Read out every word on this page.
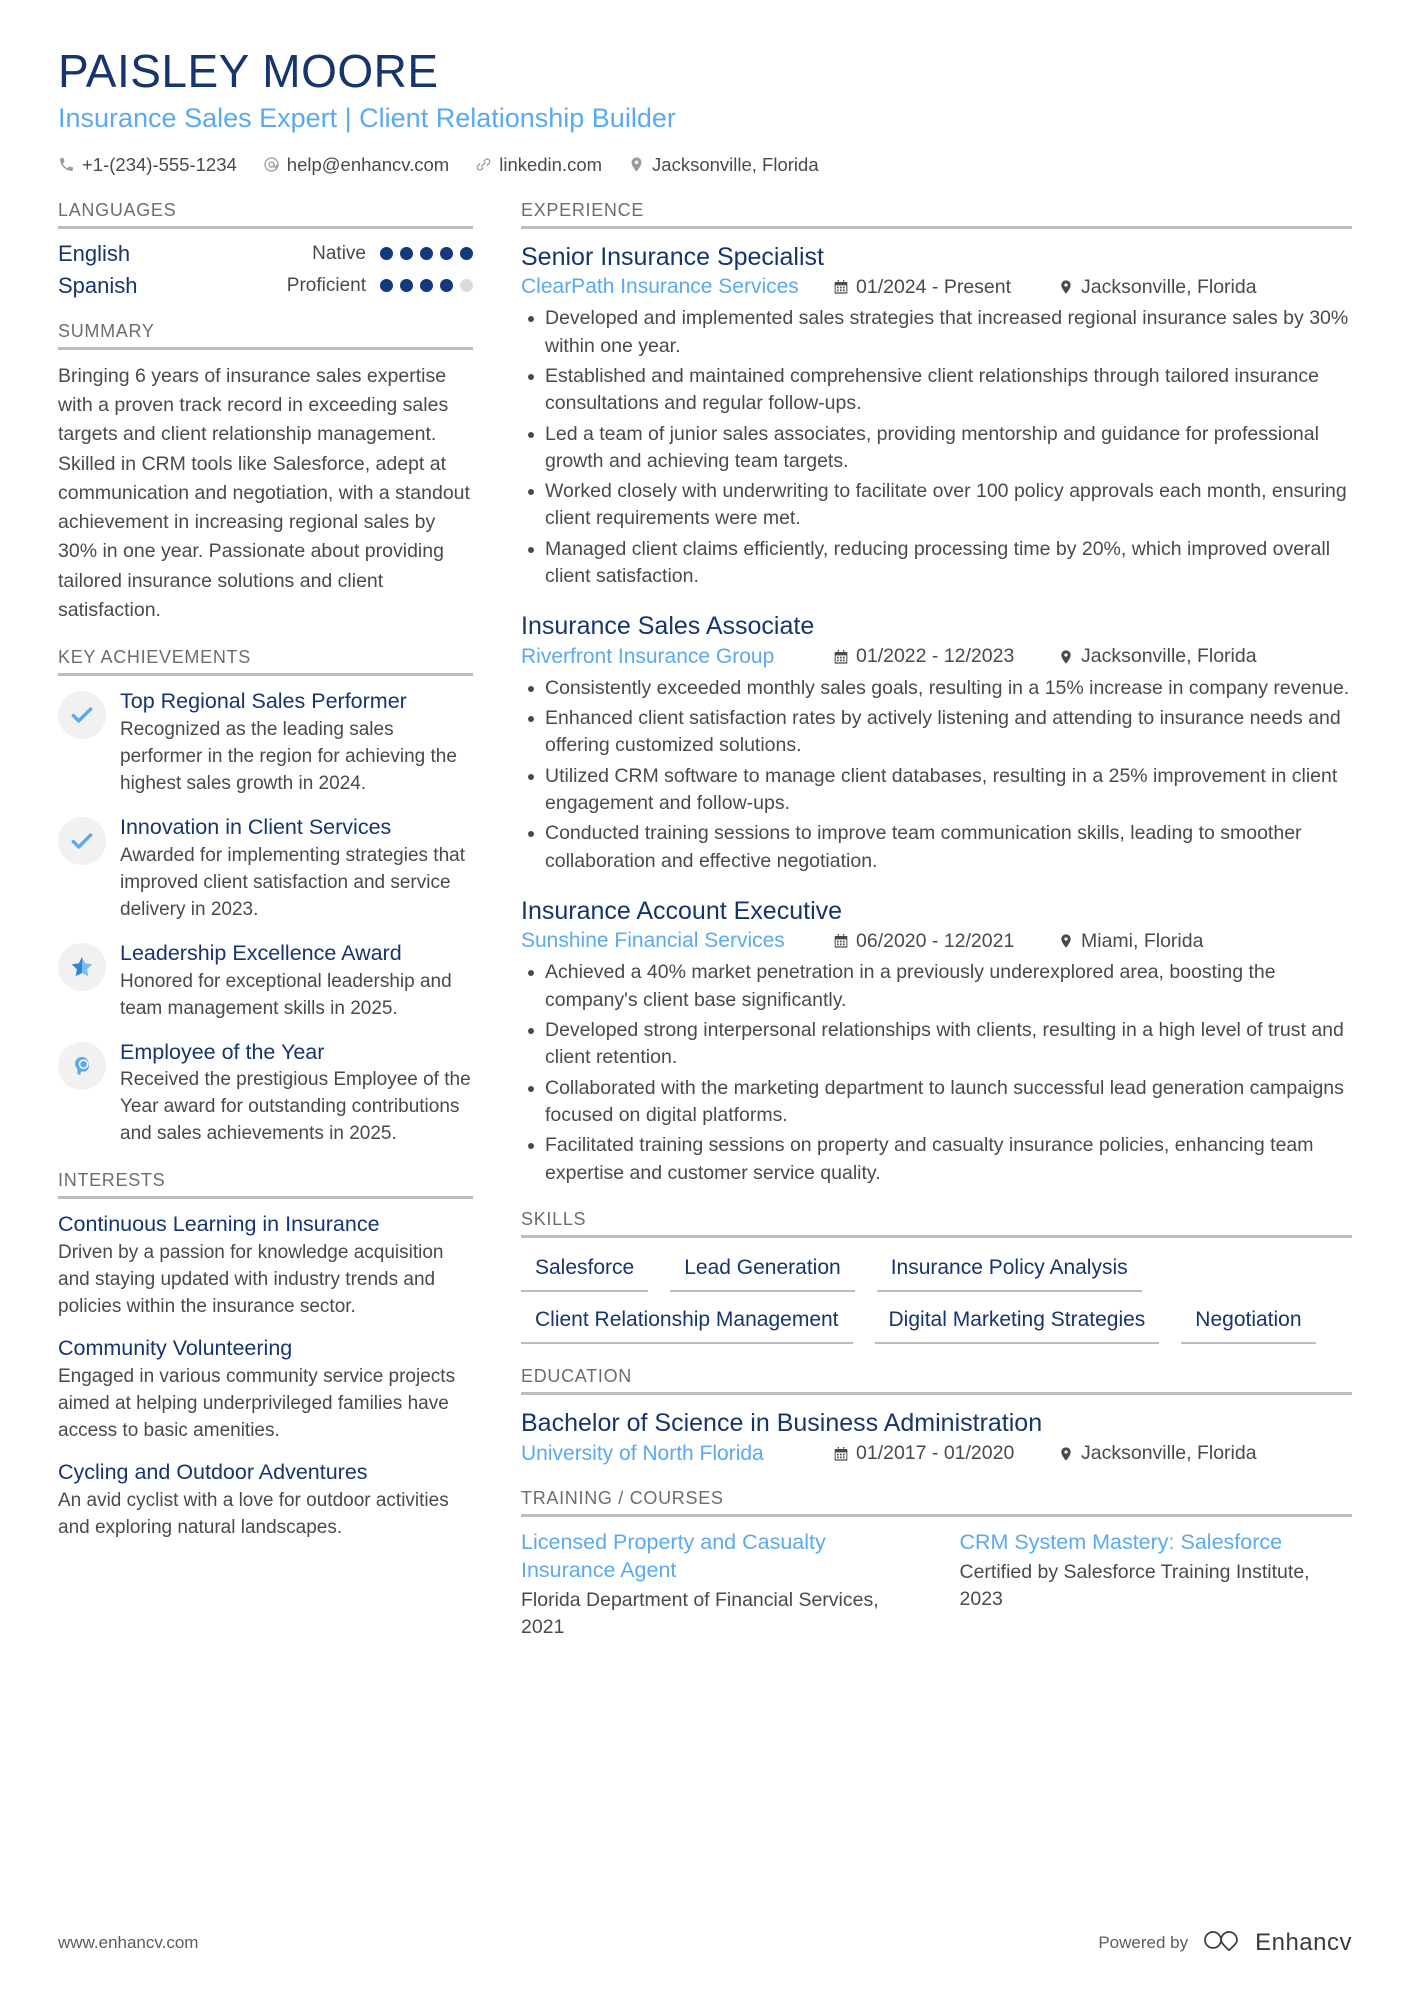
PAISLEY MOORE
Insurance Sales Expert | Client Relationship Builder
+1-(234)-555-1234	help@enhancv.com	linkedin.com	Jacksonville, Florida
LANGUAGES
English	Native
Spanish	Proficient
SUMMARY
Bringing 6 years of insurance sales expertise with a proven track record in exceeding sales targets and client relationship management. Skilled in CRM tools like Salesforce, adept at communication and negotiation, with a standout achievement in increasing regional sales by 30% in one year. Passionate about providing tailored insurance solutions and client satisfaction.
KEY ACHIEVEMENTS
Top Regional Sales Performer
Recognized as the leading sales performer in the region for achieving the highest sales growth in 2024.
Innovation in Client Services
Awarded for implementing strategies that improved client satisfaction and service delivery in 2023.
Leadership Excellence Award
Honored for exceptional leadership and team management skills in 2025.
Employee of the Year
Received the prestigious Employee of the Year award for outstanding contributions and sales achievements in 2025.
INTERESTS
Continuous Learning in Insurance
Driven by a passion for knowledge acquisition and staying updated with industry trends and policies within the insurance sector.
Community Volunteering
Engaged in various community service projects aimed at helping underprivileged families have access to basic amenities.
Cycling and Outdoor Adventures
An avid cyclist with a love for outdoor activities and exploring natural landscapes.
EXPERIENCE
Senior Insurance Specialist
ClearPath Insurance Services	01/2024 - Present	Jacksonville, Florida
Developed and implemented sales strategies that increased regional insurance sales by 30% within one year.
Established and maintained comprehensive client relationships through tailored insurance consultations and regular follow-ups.
Led a team of junior sales associates, providing mentorship and guidance for professional growth and achieving team targets.
Worked closely with underwriting to facilitate over 100 policy approvals each month, ensuring client requirements were met.
Managed client claims efficiently, reducing processing time by 20%, which improved overall client satisfaction.
Insurance Sales Associate
Riverfront Insurance Group	01/2022 - 12/2023	Jacksonville, Florida
Consistently exceeded monthly sales goals, resulting in a 15% increase in company revenue.
Enhanced client satisfaction rates by actively listening and attending to insurance needs and offering customized solutions.
Utilized CRM software to manage client databases, resulting in a 25% improvement in client engagement and follow-ups.
Conducted training sessions to improve team communication skills, leading to smoother collaboration and effective negotiation.
Insurance Account Executive
Sunshine Financial Services	06/2020 - 12/2021	Miami, Florida
Achieved a 40% market penetration in a previously underexplored area, boosting the company's client base significantly.
Developed strong interpersonal relationships with clients, resulting in a high level of trust and client retention.
Collaborated with the marketing department to launch successful lead generation campaigns focused on digital platforms.
Facilitated training sessions on property and casualty insurance policies, enhancing team expertise and customer service quality.
SKILLS
Salesforce	Lead Generation	Insurance Policy Analysis
Client Relationship Management	Digital Marketing Strategies	Negotiation
EDUCATION
Bachelor of Science in Business Administration
University of North Florida	01/2017 - 01/2020	Jacksonville, Florida
TRAINING / COURSES
Licensed Property and Casualty Insurance Agent
Florida Department of Financial Services, 2021
CRM System Mastery: Salesforce
Certified by Salesforce Training Institute, 2023
www.enhancv.com	Powered by	Enhancv
